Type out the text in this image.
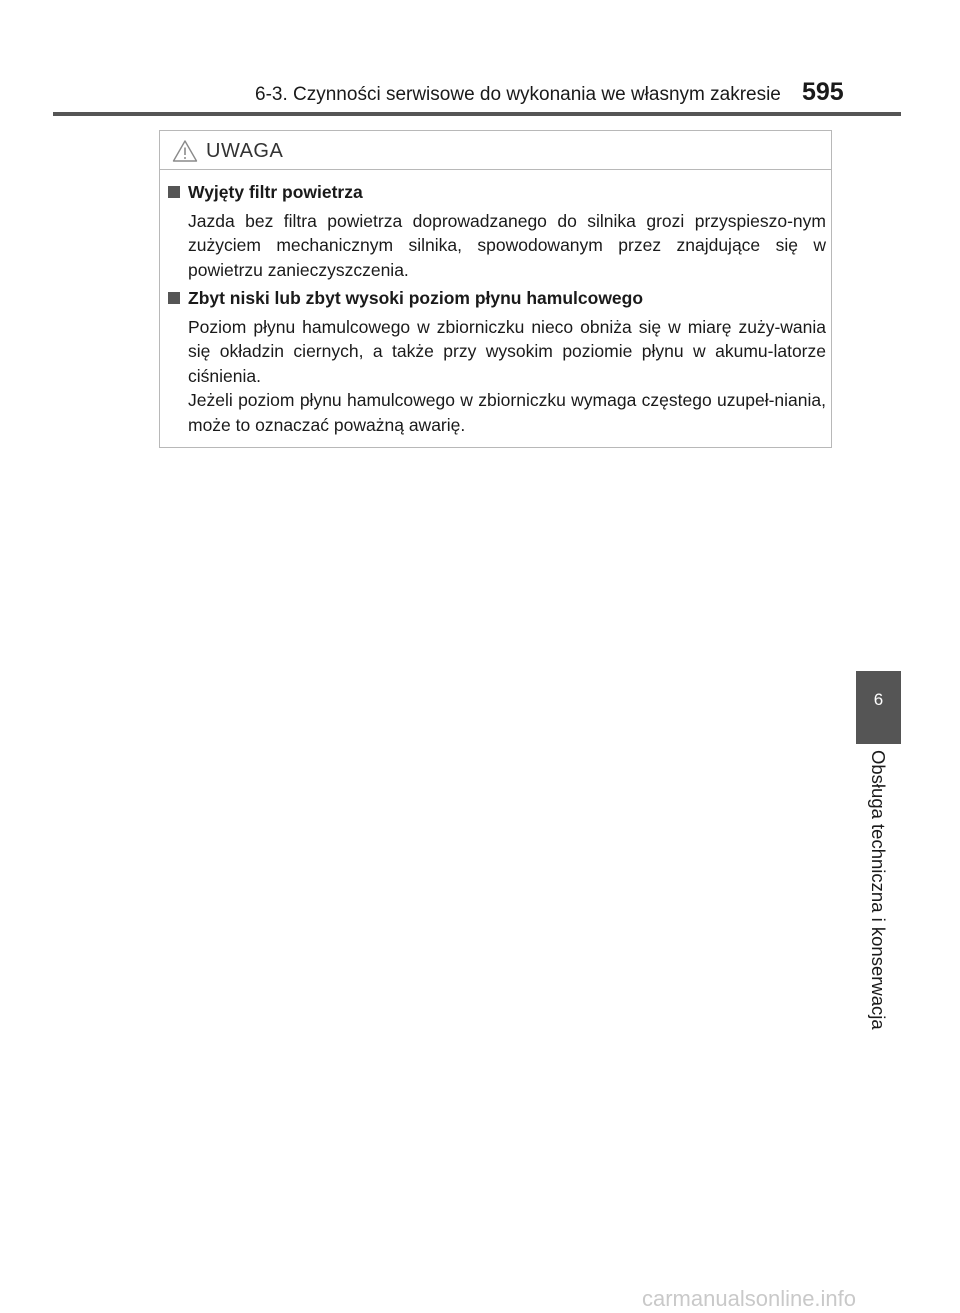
6-3. Czynności serwisowe do wykonania we własnym zakresie 595
UWAGA
Wyjęty filtr powietrza

Jazda bez filtra powietrza doprowadzanego do silnika grozi przyspieszo-nym zużyciem mechanicznym silnika, spowodowanym przez znajdujące się w powietrzu zanieczyszczenia.

Zbyt niski lub zbyt wysoki poziom płynu hamulcowego

Poziom płynu hamulcowego w zbiorniczku nieco obniża się w miarę zuży-wania się okładzin ciernych, a także przy wysokim poziomie płynu w akumu-latorze ciśnienia.

Jeżeli poziom płynu hamulcowego w zbiorniczku wymaga częstego uzupeł-niania, może to oznaczać poważną awarię.

6
Obsługa techniczna i konserwacja
carmanualsonline.info
